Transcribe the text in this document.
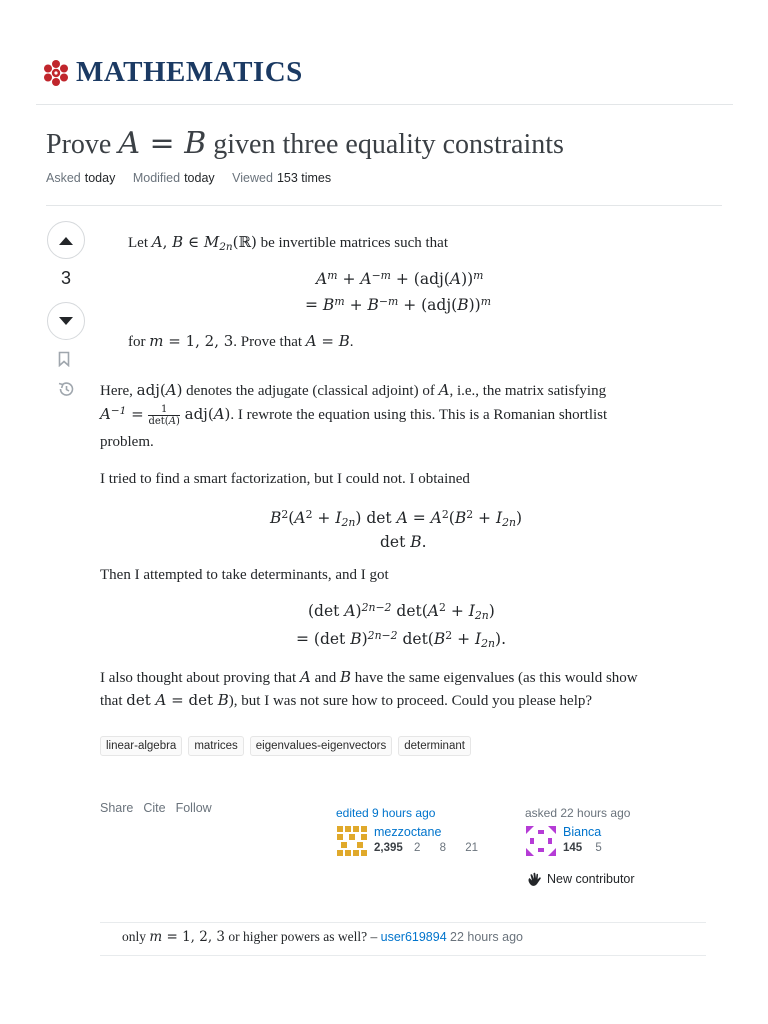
MATHEMATICS
Prove A = B given three equality constraints
Asked today Modified today Viewed 153 times
3
Let A, B ∈ $M_{2n}(ℝ)$ be invertible matrices such that
$A^m + A^{-m} + (adj(A))^m$
= $B^m + B^{-m} + (adj(B))^m$
for m = 1, 2, 3. Prove that A = B.
Here, adj(A) denotes the adjugate (classical adjoint) of A, i.e., the matrix satisfying
$A^{-1}$ =	1
det(A) adj(A). I rewrote the equation using this. This is a Romanian shortlist
problem.
I tried to find a smart factorization, but I could not. I obtained
$B^2(A^2 + I_{2n})$ $\det A = A^2(B^2 + I_{2n})$
det B.
Then I attempted to take determinants, and I got
(det A)$^{2n-2}$ $\det(A^2 + I_{2n})$
= (det B)$^{2n-2}$ $\det(B^2 + I_{2n})$.
I also thought about proving that A and B have the same eigenvalues (as this would show
that det A = det B), but I was not sure how to proceed. Could you please help?
linear-algebra	matrices	eigenvalues-eigenvectors	determinant
Share Cite Follow	edited 9 hours ago
mezzoctane
2,395 2 8 21
asked 22 hours ago
Bianca
145 5
New contributor
only m = 1, 2, 3 or higher powers as well? – user619894 22 hours ago
